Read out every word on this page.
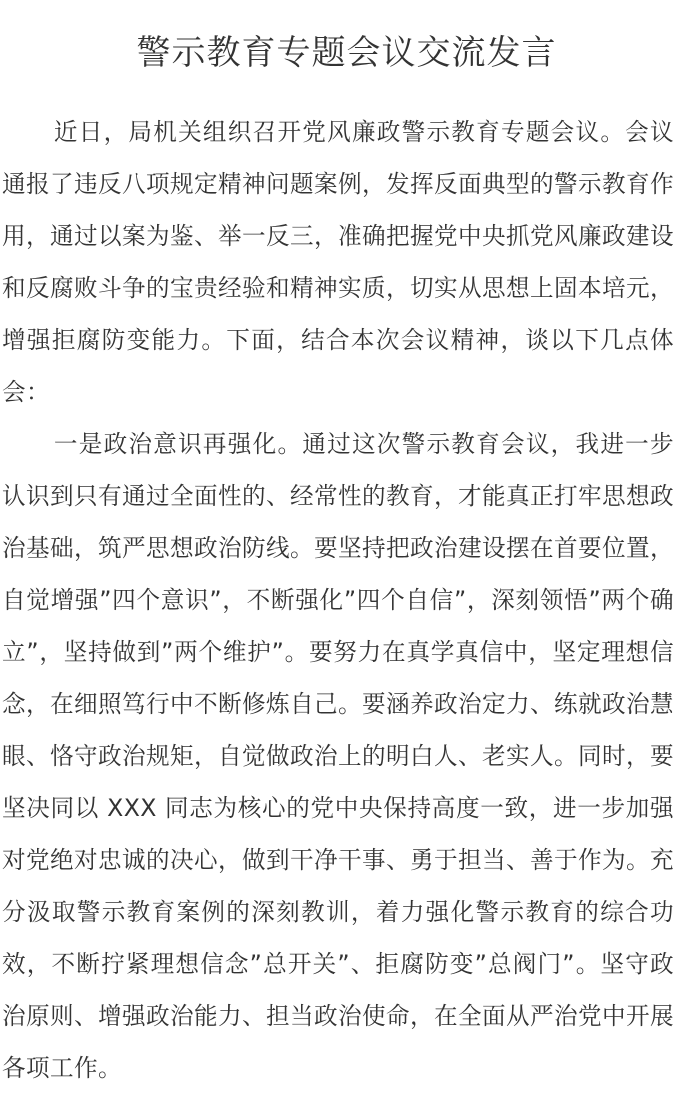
警示教育专题会议交流发言

近日，局机关组织召开党风廉政警示教育专题会议。会议通报了违反八项规定精神问题案例，发挥反面典型的警示教育作用，通过以案为鉴、举一反三，准确把握党中央抓党风廉政建设和反腐败斗争的宝贵经验和精神实质，切实从思想上固本培元，增强拒腐防变能力。下面，结合本次会议精神，谈以下几点体会：

一是政治意识再强化。通过这次警示教育会议，我进一步认识到只有通过全面性的、经常性的教育，才能真正打牢思想政治基础，筑严思想政治防线。要坚持把政治建设摆在首要位置，自觉增强”四个意识”，不断强化”四个自信”，深刻领悟”两个确立”，坚持做到”两个维护”。要努力在真学真信中，坚定理想信念，在细照笃行中不断修炼自己。要涵养政治定力、练就政治慧眼、恪守政治规矩，自觉做政治上的明白人、老实人。同时，要坚决同以 XXX 同志为核心的党中央保持高度一致，进一步加强对党绝对忠诚的决心，做到干净干事、勇于担当、善于作为。充分汲取警示教育案例的深刻教训，着力强化警示教育的综合功效，不断拧紧理想信念”总开关”、拒腐防变”总阀门”。坚守政治原则、增强政治能力、担当政治使命，在全面从严治党中开展各项工作。
